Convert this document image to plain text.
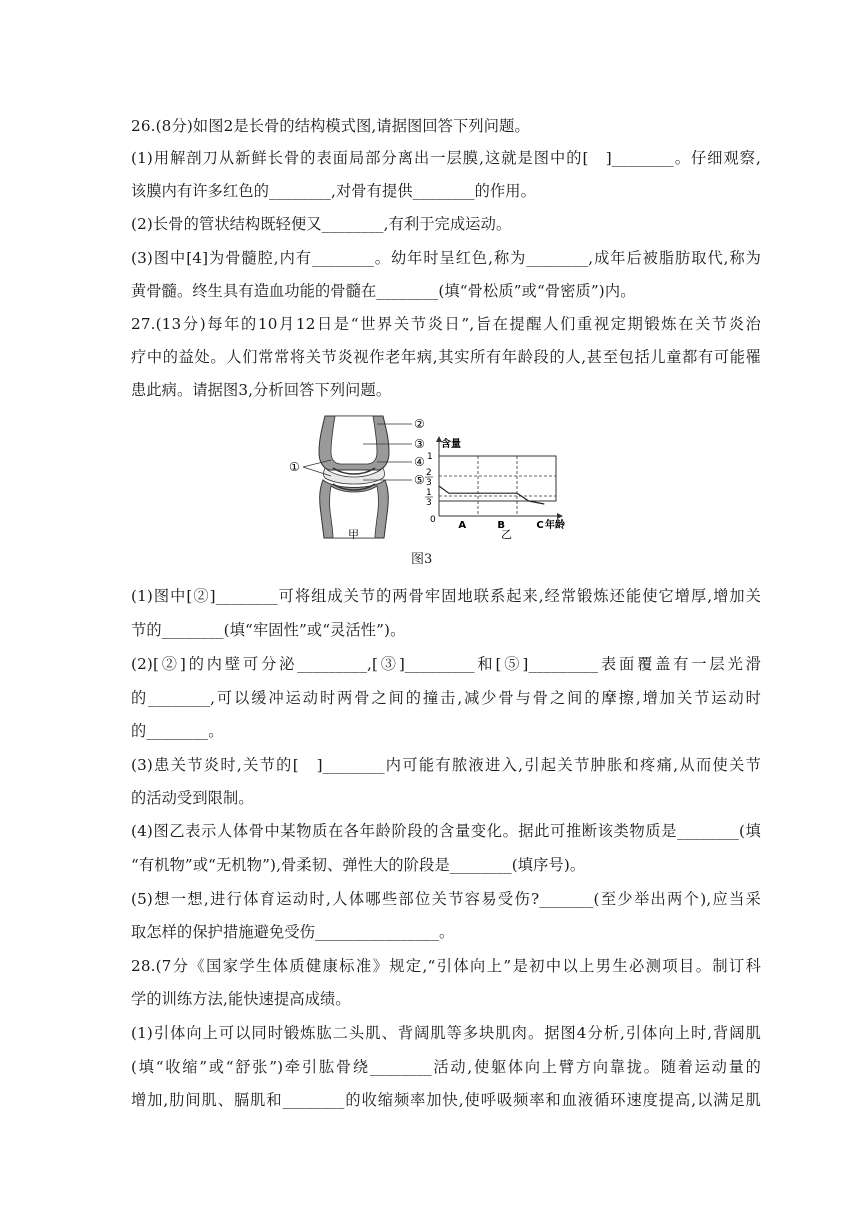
26.(8分)如图2是长骨的结构模式图,请据图回答下列问题。
(1)用解剖刀从新鲜长骨的表面局部分离出一层膜,这就是图中的[　]________。仔细观察,
该膜内有许多红色的________,对骨有提供________的作用。
(2)长骨的管状结构既轻便又________,有利于完成运动。
(3)图中[4]为骨髓腔,内有________。幼年时呈红色,称为________,成年后被脂肪取代,称为
黄骨髓。终生具有造血功能的骨髓在________(填“骨松质”或“骨密质”)内。
27.(13分)每年的10月12日是“世界关节炎日”,旨在提醒人们重视定期锻炼在关节炎治
疗中的益处。人们常常将关节炎视作老年病,其实所有年龄段的人,甚至包括儿童都有可能罹
患此病。请据图3,分析回答下列问题。
②
③
④
⑤
①
甲
含量
年龄
0
乙
1
2
3
1
3
A	B	C
图3
(1)图中[②]________可将组成关节的两骨牢固地联系起来,经常锻炼还能使它增厚,增加关
节的________(填“牢固性”或“灵活性”)。
(2)[②]的内壁可分泌_________,[③]_________和[⑤]_________表面覆盖有一层光滑
的________,可以缓冲运动时两骨之间的撞击,减少骨与骨之间的摩擦,增加关节运动时
的________。
(3)患关节炎时,关节的[　]________内可能有脓液进入,引起关节肿胀和疼痛,从而使关节
的活动受到限制。
(4)图乙表示人体骨中某物质在各年龄阶段的含量变化。据此可推断该类物质是________(填
“有机物”或“无机物”),骨柔韧、弹性大的阶段是________(填序号)。
(5)想一想,进行体育运动时,人体哪些部位关节容易受伤?_______(至少举出两个),应当采
取怎样的保护措施避免受伤________________。
28.(7分《国家学生体质健康标准》规定,“引体向上”是初中以上男生必测项目。制订科
学的训练方法,能快速提高成绩。
(1)引体向上可以同时锻炼肱二头肌、背阔肌等多块肌肉。据图4分析,引体向上时,背阔肌
(填“收缩”或“舒张”)牵引肱骨绕________活动,使躯体向上臂方向靠拢。随着运动量的
增加,肋间肌、膈肌和________的收缩频率加快,使呼吸频率和血液循环速度提高,以满足肌
